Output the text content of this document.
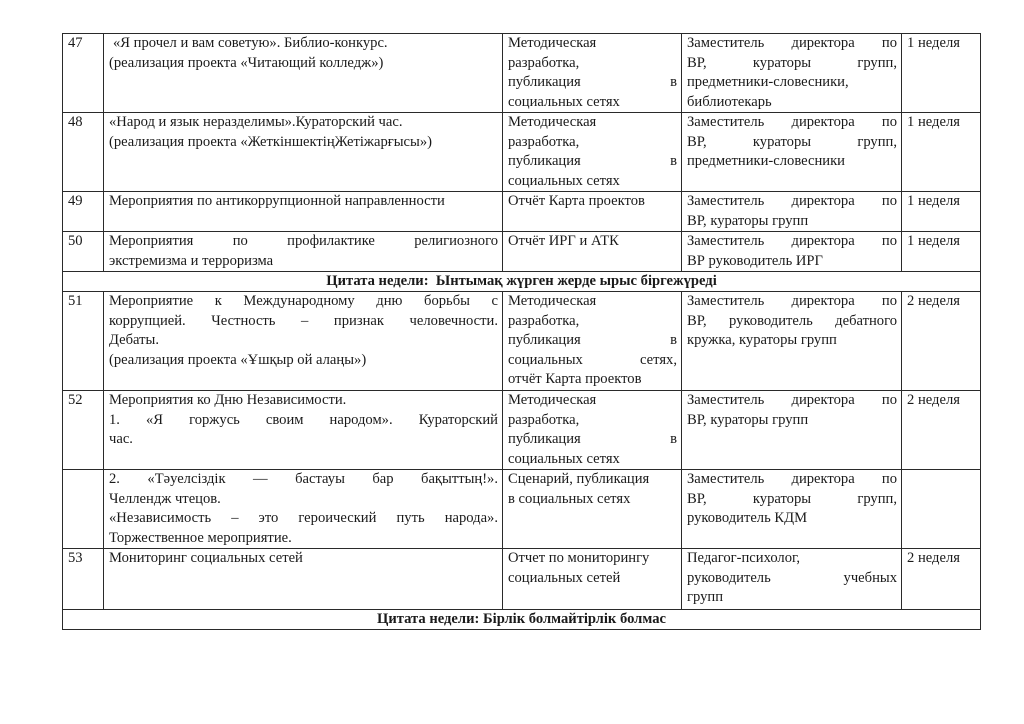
47	«Я прочел и вам советую». Библио-конкурс.
(реализация проекта «Читающий колледж»)	Методическая
разработка,
публикация в
социальных сетях	Заместитель директора по
ВР, кураторы групп,
предметники-словесники,
библиотекарь	1 неделя
48	«Народ и язык неразделимы».Кураторский час.
(реализация проекта «ЖеткіншектіңЖетіжарғысы»)	Методическая
разработка,
публикация в
социальных сетях	Заместитель директора по
ВР, кураторы групп,
предметники-словесники	1 неделя
49	Мероприятия по антикоррупционной направленности	Отчёт Карта проектов	Заместитель директора по
ВР, кураторы групп	1 неделя
50	Мероприятия по профилактике религиозного
экстремизма и терроризма	Отчёт ИРГ и АТК	Заместитель директора по
ВР руководитель ИРГ	1 неделя
Цитата недели: Ынтымақ жүрген жерде ырыс біргежүреді				
51	Мероприятие к Международному дню борьбы с
коррупцией. Честность – признак человечности.
Дебаты.
(реализация проекта «Ұшқыр ой алаңы»)	Методическая
разработка,
публикация в
социальных сетях,
отчёт Карта проектов	Заместитель директора по
ВР, руководитель дебатного
кружка, кураторы групп	2 неделя
52	Мероприятия ко Дню Независимости.
1. «Я горжусь своим народом». Кураторский
час.	Методическая
разработка,
публикация в
социальных сетях	Заместитель директора по
ВР, кураторы групп	2 неделя

	2. «Тәуелсіздік — бастауы бар бақыттың!».
Челлендж чтецов.
«Независимость – это героический путь народа».
Торжественное мероприятие.	Сценарий, публикация
в социальных сетях	Заместитель директора по
ВР, кураторы групп,
руководитель КДМ	

53	Мониторинг социальных сетей	Отчет по мониторингу
социальных сетей	Педагог-психолог,
руководитель учебных
групп	2 неделя
Цитата недели: Бірлік болмайтірлік болмас				
